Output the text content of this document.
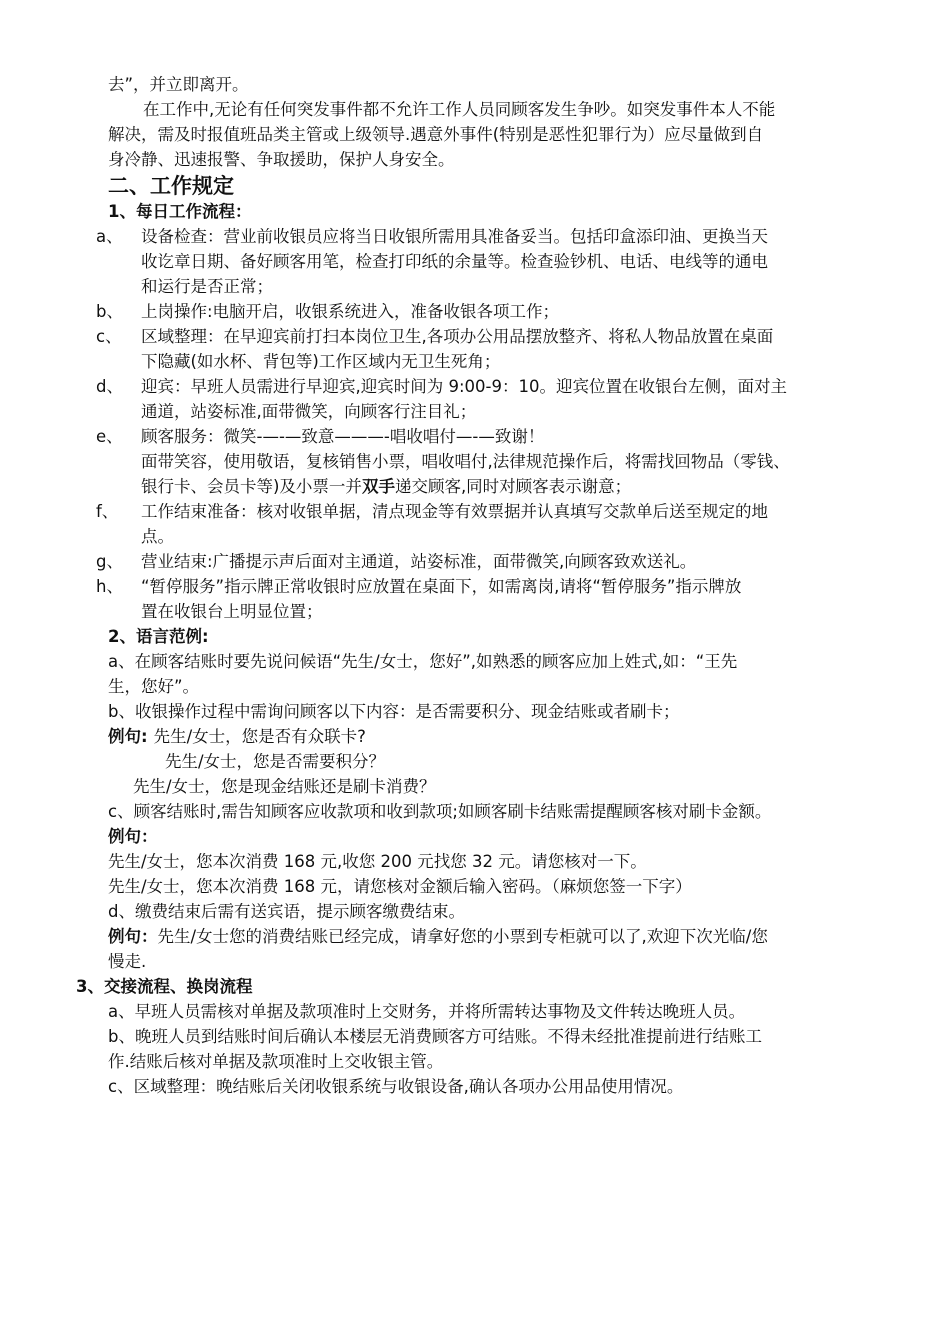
去”，并立即离开。
在工作中,无论有任何突发事件都不允许工作人员同顾客发生争吵。如突发事件本人不能
解决，需及时报值班品类主管或上级领导.遇意外事件(特别是恶性犯罪行为）应尽量做到自
身冷静、迅速报警、争取援助，保护人身安全。
二、工作规定
1、每日工作流程：
a、 设备检查：营业前收银员应将当日收银所需用具准备妥当。包括印盒添印油、更换当天
收讫章日期、备好顾客用笔，检查打印纸的余量等。检查验钞机、电话、电线等的通电
和运行是否正常；
b、 上岗操作:电脑开启，收银系统进入，准备收银各项工作；
c、 区域整理：在早迎宾前打扫本岗位卫生,各项办公用品摆放整齐、将私人物品放置在桌面
下隐藏(如水杯、背包等)工作区域内无卫生死角；
d、 迎宾：早班人员需进行早迎宾,迎宾时间为 9:00-9：10。迎宾位置在收银台左侧，面对主
通道，站姿标准,面带微笑，向顾客行注目礼；
e、 顾客服务：微笑-—-—致意———-唱收唱付—-—致谢！
面带笑容，使用敬语，复核销售小票，唱收唱付,法律规范操作后，将需找回物品（零钱、
银行卡、会员卡等)及小票一并双手递交顾客,同时对顾客表示谢意；
f、 工作结束准备：核对收银单据，清点现金等有效票据并认真填写交款单后送至规定的地
点。
g、 营业结束:广播提示声后面对主通道，站姿标准，面带微笑,向顾客致欢送礼。
h、 “暂停服务”指示牌正常收银时应放置在桌面下，如需离岗,请将“暂停服务”指示牌放
置在收银台上明显位置；
2、语言范例:
a、在顾客结账时要先说问候语“先生/女士，您好”,如熟悉的顾客应加上姓式,如：“王先
生，您好”。
b、收银操作过程中需询问顾客以下内容：是否需要积分、现金结账或者刷卡；
例句: 先生/女士，您是否有众联卡?
先生/女士，您是否需要积分？
先生/女士，您是现金结账还是刷卡消费？
c、顾客结账时,需告知顾客应收款项和收到款项;如顾客刷卡结账需提醒顾客核对刷卡金额。
例句：
先生/女士，您本次消费 168 元,收您 200 元找您 32 元。请您核对一下。
先生/女士，您本次消费 168 元，请您核对金额后输入密码。（麻烦您签一下字）
d、缴费结束后需有送宾语，提示顾客缴费结束。
例句：先生/女士您的消费结账已经完成，请拿好您的小票到专柜就可以了,欢迎下次光临/您
慢走.
3、交接流程、换岗流程
a、早班人员需核对单据及款项准时上交财务，并将所需转达事物及文件转达晚班人员。
b、晚班人员到结账时间后确认本楼层无消费顾客方可结账。不得未经批准提前进行结账工
作.结账后核对单据及款项准时上交收银主管。
c、区域整理：晚结账后关闭收银系统与收银设备,确认各项办公用品使用情况。
